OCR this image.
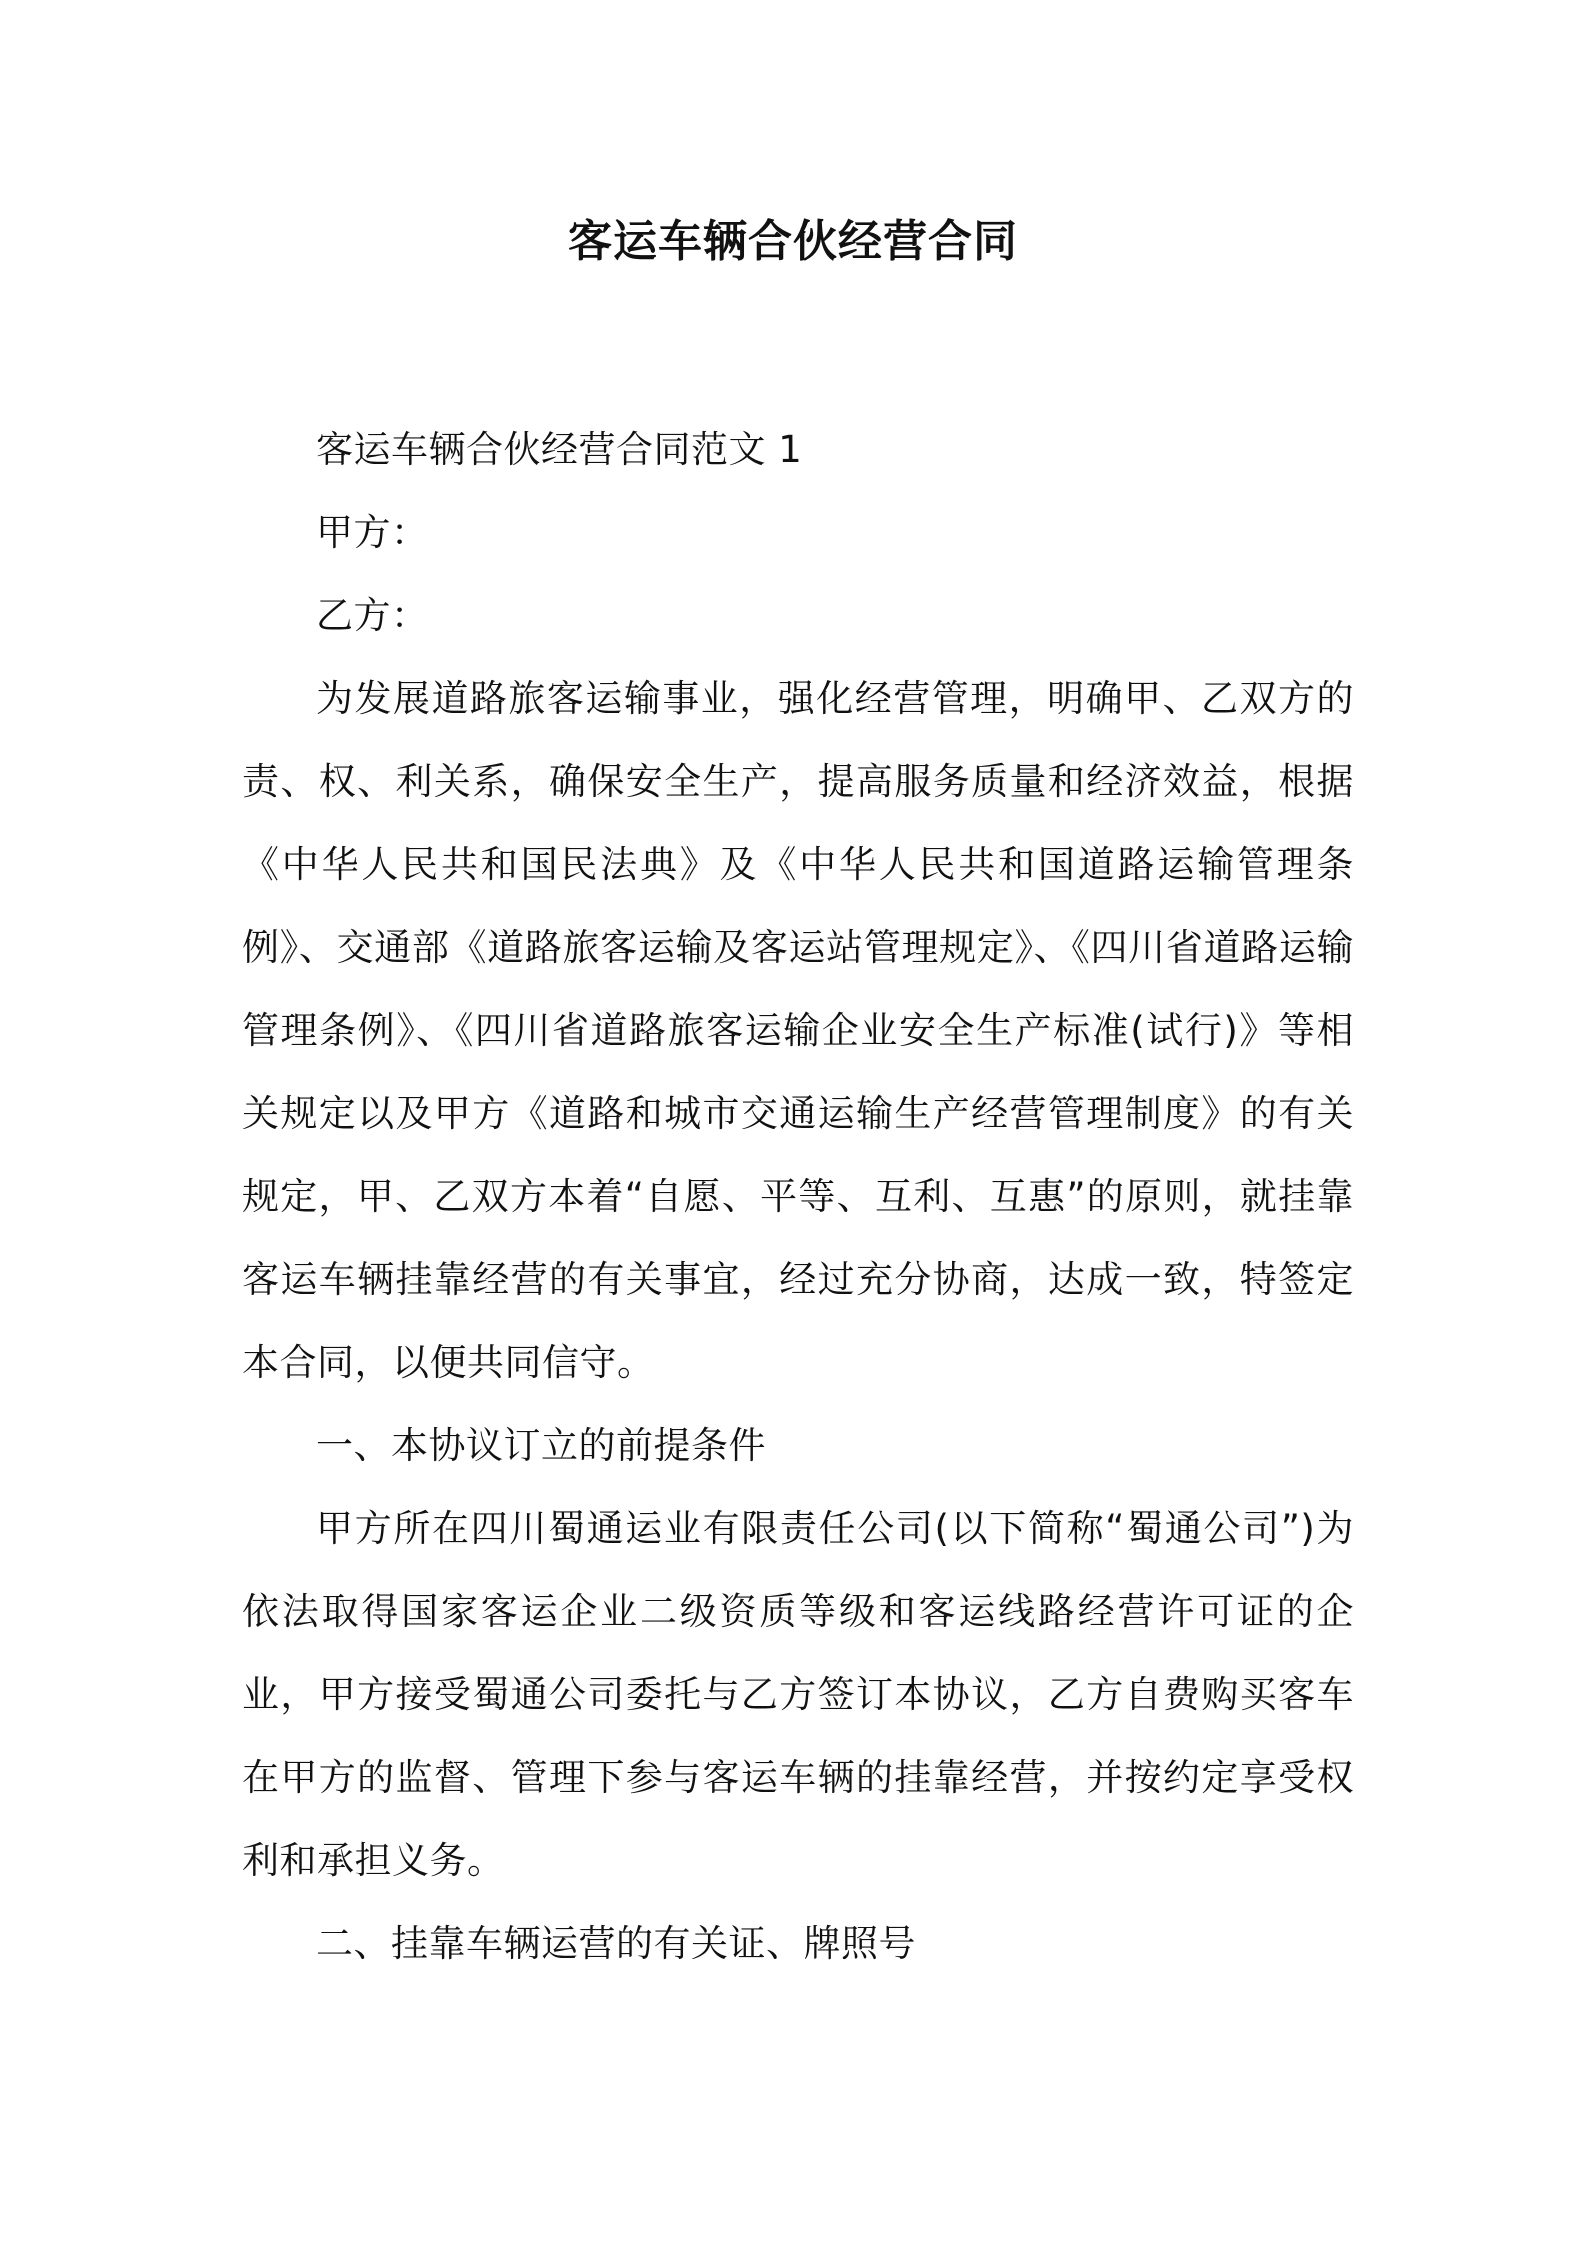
客运车辆合伙经营合同

客运车辆合伙经营合同范文 1

甲方：

乙方：

为发展道路旅客运输事业，强化经营管理，明确甲、乙双方的责、权、利关系，确保安全生产，提高服务质量和经济效益，根据《中华人民共和国民法典》及《中华人民共和国道路运输管理条例》、交通部《道路旅客运输及客运站管理规定》、《四川省道路运输管理条例》、《四川省道路旅客运输企业安全生产标准(试行)》等相关规定以及甲方《道路和城市交通运输生产经营管理制度》的有关规定，甲、乙双方本着“自愿、平等、互利、互惠”的原则，就挂靠客运车辆挂靠经营的有关事宜，经过充分协商，达成一致，特签定本合同，以便共同信守。

一、本协议订立的前提条件

甲方所在四川蜀通运业有限责任公司(以下简称“蜀通公司”)为依法取得国家客运企业二级资质等级和客运线路经营许可证的企业，甲方接受蜀通公司委托与乙方签订本协议，乙方自费购买客车在甲方的监督、管理下参与客运车辆的挂靠经营，并按约定享受权利和承担义务。

二、挂靠车辆运营的有关证、牌照号
